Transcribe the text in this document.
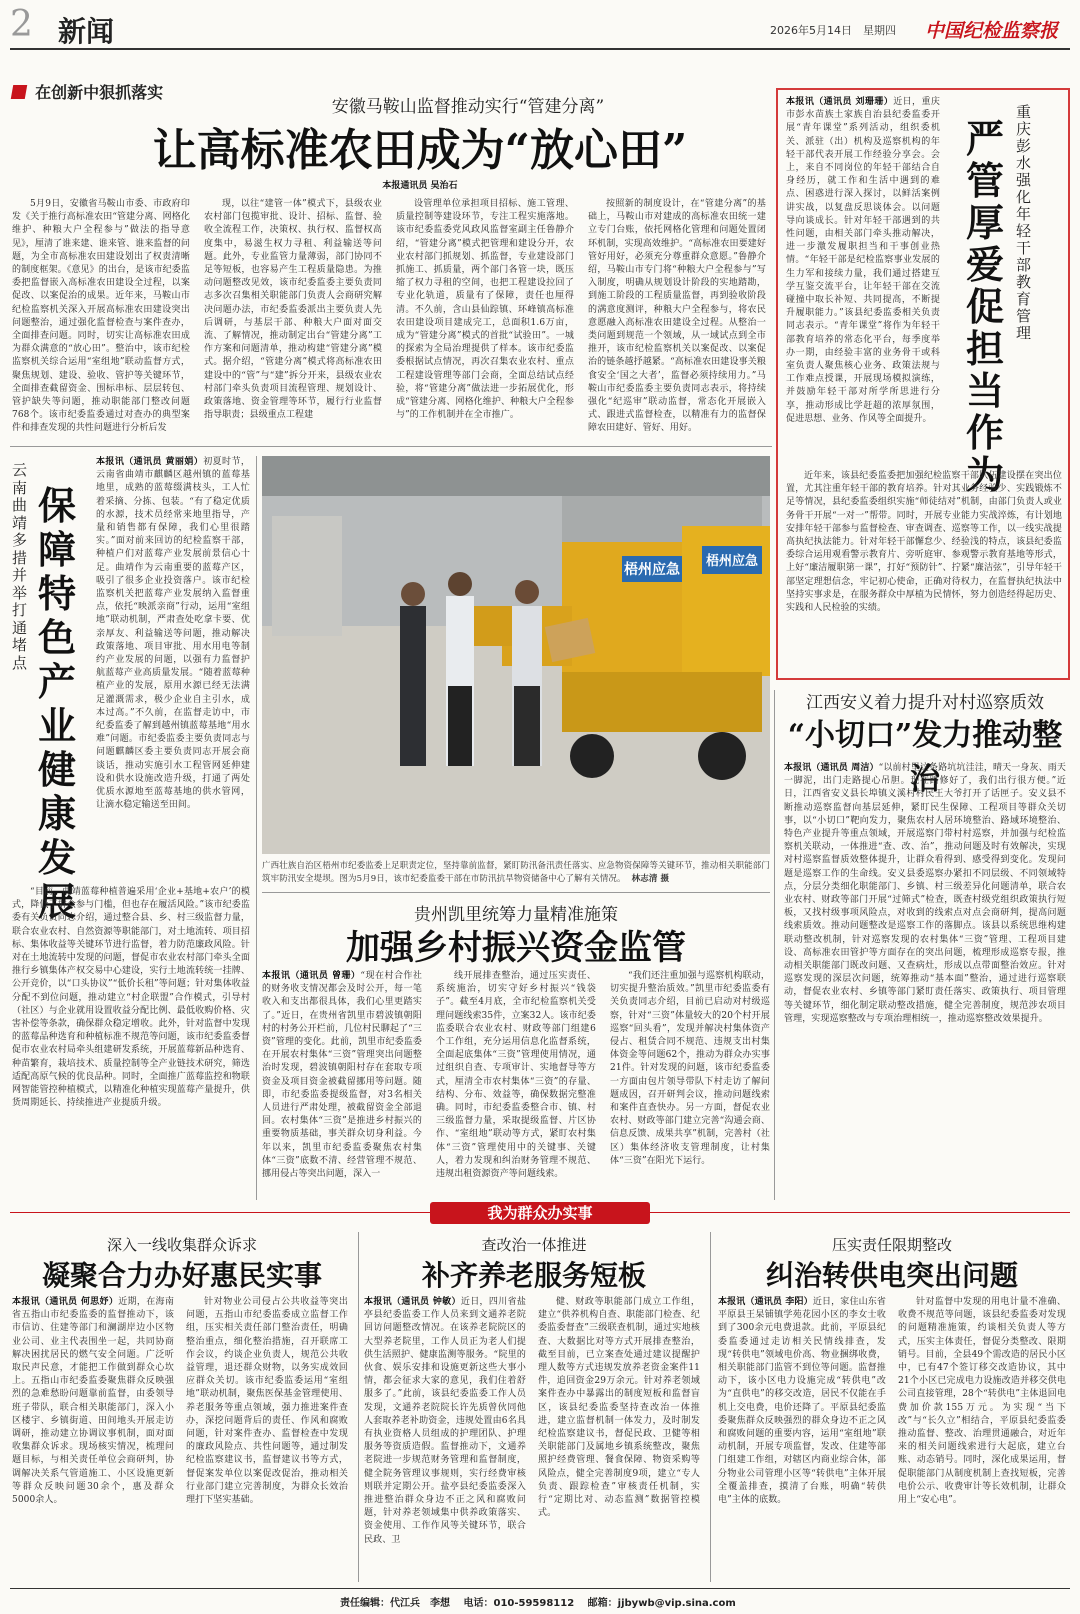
2 新闻	2026年5月14日　星期四 中国纪检监察报
在创新中狠抓落实
安徽马鞍山监督推动实行“管建分离”
让高标准农田成为“放心田”
本报通讯员 吴治石

5月9日，安徽省马鞍山市委、市政府印发《关于推行高标准农田“管建分离、网格化维护、种粮大户全程参与”做法的指导意见》，厘清了谁来建、谁来管、谁来监督的问题，为全市高标准农田建设划出了权责清晰的制度框架。《意见》的出台，是该市纪委监委把监督嵌入高标准农田建设全过程，以案促改、以案促治的成果。近年来，马鞍山市纪检监察机关深入开展高标准农田建设突出问题整治，通过强化监督检查与案件查办，全面排查问题。同时，切实让高标准农田成为群众满意的“放心田”。整治中，该市纪检监察机关综合运用“室组地”联动监督方式，聚焦规划、建设、验收、管护等关键环节，全面排查截留资金、围标串标、层层转包、管护缺失等问题，推动职能部门整改问题768个。该市纪委监委通过对查办的典型案件和排查发现的共性问题进行分析后发

现，以往“建管一体”模式下，县级农业农村部门包揽审批、设计、招标、监督、验收全流程工作，决策权、执行权、监督权高度集中，易滋生权力寻租、利益输送等问题。此外，专业监管力量薄弱，部门协同不足等短板，也容易产生工程质量隐患。为推动问题整改见效，该市纪委监委主要负责同志多次召集相关职能部门负责人会商研究解决问题办法，市纪委监委派出主要负责人先后调研，与基层干部、种粮大户面对面交流、了解情况，推动制定出台“管建分离”工作方案和问题清单，推动构建“管建分离”模式。据介绍，“管建分离”模式将高标准农田建设中的“管”与“建”拆分开来，县级农业农村部门牵头负责项目流程管理、规划设计、政策落地、资金管理等环节，履行行业监督指导职责；县级重点工程建

设管理单位承担项目招标、施工管理、质量控制等建设环节，专注工程实施落地。该市纪委监委党风政风监督室副主任鲁静介绍，“管建分离”模式把管理和建设分开，农业农村部门抓规划、抓监督，专业建设部门抓施工、抓质量，两个部门各管一块，既压缩了权力寻租的空间，也把工程建设拉回了专业化轨道，质量有了保障，责任也厘得清。不久前，含山县仙踪镇、环峰镇高标准农田建设项目建成完工，总面积1.6万亩，成为“管建分离”模式的首批“试验田”。一城的探索为全局治理提供了样本。该市纪委监委根据试点情况，再次召集农业农村、重点工程建设管理等部门会商，全面总结试点经验，将“管建分离”做法进一步拓展优化，形成“管建分离、网格化维护、种粮大户全程参与”的工作机制并在全市推广。

按照新的制度设计，在“管建分离”的基础上，马鞍山市对建成的高标准农田统一建立专门台账，依托网格化管理和问题处置闭环机制，实现高效维护。“高标准农田要建好管好用好，必须充分尊重群众意愿。”鲁静介绍，马鞍山市专门将“种粮大户全程参与”写入制度，明确从规划设计阶段的实地踏勘，到施工阶段的工程质量监督，再到验收阶段的满意度测评，种粮大户全程参与，将农民意愿融入高标准农田建设全过程。从整治一类问题到规范一个领域，从一域试点到全市推开，该市纪检监察机关以案促改、以案促治的链条越抒越紧。“高标准农田建设事关粮食安全‘国之大者’，监督必须持续用力。”马鞍山市纪委监委主要负责同志表示，将持续强化“纪巡审”联动监督，常态化开展嵌入式、跟进式监督检查，以精准有力的监督保障农田建好、管好、用好。

本报讯（通讯员 刘珊珊）近日，重庆市彭水苗族土家族自治县纪委监委开展“青年课堂”系列活动，组织委机关、派驻（出）机构及巡察机构的年轻干部代表开展工作经验分享会。会上，来自不同岗位的年轻干部结合自身经历，就工作和生活中遇到的难点、困惑进行深入探讨，以鲜活案例讲实战，以复盘反思谈体会。以问题导向谈成长。针对年轻干部遇到的共性问题，由相关部门牵头推动解决，进一步激发履职担当和干事创业热情。“年轻干部是纪检监察事业发展的生力军和接续力量，我们通过搭建互学互鉴交流平台，让年轻干部在交流碰撞中取长补短、共同提高，不断提升履职能力。”该县纪委监委相关负责同志表示。“青年课堂”将作为年轻干部教育培养的常态化平台，每季度举办一期，由经验丰富的业务骨干或科室负责人聚焦核心业务、政策法规与工作难点授课，开展现场模拟演练，并鼓励年轻干部对所学所思进行分享，推动形成比学赶超的浓厚氛围，促进思想、业务、作风等全面提升。
重庆彭水强化年轻干部教育管理
严管厚爱促担当作为

近年来，该县纪委监委把加强纪检监察干部队伍建设摆在突出位置，尤其注重年轻干部的教育培养。针对其业务经验少、实践锻炼不足等情况，县纪委监委组织实施“师徒结对”机制，由部门负责人或业务骨干开展“一对一”帮带。同时，开展专业能力实战淬炼，有计划地安排年轻干部参与监督检查、审查调查、巡察等工作，以一线实战提高执纪执法能力。针对年轻干部懈怠少、经验浅的特点，该县纪委监委综合运用观看警示教育片、旁听庭审、参观警示教育基地等形式，上好“廉洁履职第一课”，打好“预防针”、拧紧“廉洁弦”，引导年轻干部坚定理想信念，牢记初心使命，正确对待权力，在监督执纪执法中坚持实事求是，在服务群众中厚植为民情怀，努力创造经得起历史、实践和人民检验的实绩。

云南曲靖多措并举打通堵点
保障特色产业健康发展
本报讯（通讯员 黄丽娟）初夏时节，云南省曲靖市麒麟区越州镇的蓝莓基地里，成熟的蓝莓缀满枝头，工人忙着采摘、分拣、包装。“有了稳定优质的水源，技术员经常来地里指导，产量和销售都有保障，我们心里很踏实。”面对前来回访的纪检监察干部，种植户们对蓝莓产业发展前景信心十足。曲靖作为云南重要的蓝莓产区，吸引了很多企业投资落户。该市纪检监察机关把蓝莓产业发展纳入监督重点，依托“映派亲商”行动，运用“室组地”联动机制，严肃查处吃拿卡要、优亲厚友、利益输送等问题，推动解决政策落地、项目审批、用水用电等制约产业发展的问题，以强有力监督护航蓝莓产业高质量发展。“随着蓝莓种植产业的发展，原用水源已经无法满足灌溉需求，极少企业自主引水，成本过高。”不久前，在监督走访中，市纪委监委了解到越州镇蓝莓基地“用水难”问题。市纪委监委主要负责同志与问题麒麟区委主要负责同志开展会商谈话，推动实施引水工程管网延伸建设和供水设施改造升级，打通了两处优质水源地至蓝莓基地的供水管网，让滴水稳定输送至田间。

“目前，曲靖蓝莓种植普遍采用‘企业+基地+农户’的模式，降低了群众参与门槛，但也存在履活风险。”该市纪委监委有关负责同志介绍，通过整合县、乡、村三级监督力量，联合农业农村、自然资源等职能部门，对土地流转、项目招标、集体收益等关键环节进行监督，着力防范廉政风险。针对在土地流转中发现的问题，督促市农业农村部门牵头全面推行乡镇集体产权交易中心建设，实行土地流转统一挂牌、公开竞价，以“口头协议”“低价长租”等问题；针对集体收益分配不到位问题，推动建立“村企联盟”合作模式，引导村（社区）与企业就用设置收益分配比例、最低收购价格、灾害补偿等条款，确保群众稳定增收。此外，针对监督中发现的蓝莓品种选育和种植标准不规范等问题，该市纪委监委督促市农业农村局牵头组建研发系统，开展蓝莓新品种选育、种苗繁育，栽培技术、质量控制等全产业链技术研究，筛选适配高原气候的优良品种。同时，全面推广蓝莓监控和物联网智能管控种植模式，以精准化种植实现蓝莓产量提升，供货周期延长、持续推进产业提质升级。

梧州应急
梧州应急
广西壮族自治区梧州市纪委监委上足职责定位，坚持靠前监督，紧盯防汛备汛责任落实、应急物资保障等关键环节，推动相关职能部门筑牢防汛安全堤坝。图为5月9日，该市纪委监委干部在市防汛抗旱物资储备中心了解有关情况。 林志清 摄
贵州凯里统筹力量精准施策
加强乡村振兴资金监管
本报讯（通讯员 曾珊）“现在村合作社的财务收支情况都会及时公开，每一笔收入和支出都很具体，我们心里更踏实了。”近日，在贵州省凯里市碧波镇朝阳村的村务公开栏前，几位村民聊起了“三资”管理的变化。此前，凯里市纪委监委在开展农村集体“三资”管理突出问题整治时发现，碧波镇朝阳村存在套取专项资金及项目资金被截留挪用等问题。随即，市纪委监委提级监督，对3名相关人员进行严肃处理，被截留资金全部退回。农村集体“三资”是推进乡村振兴的重要物质基础，事关群众切身利益。今年以来，凯里市纪委监委聚焦农村集体“三资”底数不清、经营管理不规范、挪用侵占等突出问题，深入一

线开展排查整治，通过压实责任、系统施治，切实守好乡村振兴“钱袋子”。截至4月底，全市纪检监察机关受理问题线索35件，立案32人。该市纪委监委联合农业农村、财政等部门组建6个工作组，充分运用信息化监督系统，全面起底集体“三资”管理使用情况，通过组织自查、专项审计、实地督导等方式，厘清全市农村集体“三资”的存量、结构、分布、效益等，确保数据完整准确。同时，市纪委监委整合市、镇、村三级监督力量，采取提级监督、片区协作、“室组地”联动等方式，紧盯农村集体“三资”管理使用中的关键事、关键人，着力发现和纠治财务管理不规范、违规出租资源资产等问题线索。

“我们还注重加强与巡察机构联动，切实提升整治质效。”凯里市纪委监委有关负责同志介绍，目前已启动对村级巡察，针对“三资”体量较大的20个村开展巡察“回头看”，发现并解决村集体资产侵占、租赁合同不规范、违规支出村集体资金等问题62个，推动为群众办实事21件。针对发现的问题，该市纪委监委一方面由包片领导带队下村走访了解问题成因，召开研判会议，推动问题线索和案件直查快办。另一方面，督促农业农村、财政等部门建立完善“沟通会商、信息反馈、成果共享”机制，完善村（社区）集体经济收支管理制度，让村集体“三资”在阳光下运行。

江西安义着力提升对村巡察质效
“小切口”发力推动整治
本报讯（通讯员 周洁）“以前村里这条路坑坑洼洼，晴天一身灰、雨天一脚泥，出门走路提心吊胆。现在路修好了，我们出行很方便。”近日，江西省安义县长埠镇义溪村村民王大爷打开了话匣子。安义县不断推动巡察监督向基层延伸，紧盯民生保障、工程项目等群众关切事，以“小切口”靶向发力，聚焦农村人居环境整治、路域环境整治、特色产业提升等重点领域，开展巡察门带村村巡察，并加强与纪检监察机关联动，一体推进“查、改、治”，推动问题及时有效解决，实现对村巡察监督质效整体提升，让群众看得到、感受得到变化。发现问题是巡察工作的生命线。安义县委巡察办紧扣不同层级、不同领域特点，分层分类细化职能部门、乡镇、村三级差异化问题清单，联合农业农村、财政等部门开展“过筛式”检查，既查村级党组织政策执行短板，又找村级事项风险点，对收到的线索点对点会商研判，提高问题线索质效。推动问题整改是巡察工作的落脚点。该县以系统思维构建联动整改机制，针对巡察发现的农村集体“三资”管理、工程项目建设、高标准农田管护等方面存在的突出问题，梳理形成巡察专报，推动相关职能部门既改问题、又查病灶，形成以点带面整治效应。针对巡察发现的深层次问题，统筹推动“基本面”整治，通过进行巡察联动，督促农业农村、乡镇等部门紧盯责任落实、政策执行、项目管理等关键环节，细化制定联动整改措施，健全完善制度，规范涉农项目管理，实现巡察整改与专项治理相统一，推动巡察整改效果提升。
我为群众办实事
深入一线收集群众诉求
凝聚合力办好惠民实事
本报讯（通讯员 何思妤）近期，在海南省五指山市纪委监委的监督推动下，该市信访、住建等部门和澜湖岸边小区物业公司、业主代表围坐一起，共同协商解决困扰居民的燃气安全问题。广泛听取民声民意，才能把工作做到群众心坎上。五指山市纪委监委聚焦群众反映强烈的急难愁盼问题靠前监督，由委领导班子带队，联合相关职能部门，深入小区楼宇、乡镇街道、田间地头开展走访调研，推动建立协调议事机制，面对面收集群众诉求。现场核实情况，梳理问题目标，与相关责任单位会商研判，协调解决关系气管道施工、小区设施更新等群众反映问题30余个，惠及群众5000余人。

针对物业公司侵占公共收益等突出问题，五指山市纪委监委成立监督工作组，压实相关责任部门整治责任，明确整治重点，细化整治措施，召开联席工作会议，约谈企业负责人，规范公共收益管理，退还群众财物，以务实成效回应群众关切。该市纪委监委运用“室组地”联动机制，聚焦医保基金管理使用、养老服务等重点领域，强力推进案件查办，深挖问题背后的责任、作风和腐败问题，针对案件查办、监督检查中发现的廉政风险点、共性问题等，通过制发纪检监察建议书，监督建议书等方式，督促案发单位以案促改促治，推动相关行业部门建立完善制度，为群众长效治理打下坚实基础。

查改治一体推进
补齐养老服务短板
本报讯（通讯员 钟敏）近日，四川省盐亭县纪委监委工作人员来到文通养老院回访问题整改情况。在该养老院院区的大型养老院里，工作人员正为老人们提供生活照护、健康监测等服务。“院里的伙食、娱乐安排和设施更新这些大事小情，都会征求大家的意见，我们住着舒服多了。”此前，该县纪委监委工作人员发现，文通养老院院长许先质曾伙同他人套取养老补助资金，违规处置由6名具有执业资格人员组成的护理团队、护理服务等资质造假。监督推动下，文通养老院进一步规范财务管理和监督制度，健全院务管理议事规则，实行经费审核则联并定期公开。盐亭县纪委监委深入推进整治群众身边不正之风和腐败问题，针对养老领域集中供养政策落实、资金使用、工作作风等关键环节，联合民政、卫

健、财政等职能部门成立工作组，建立“供养机构自查、职能部门检查、纪委监委督查”三级联查机制，通过实地核查、大数据比对等方式开展排查整治，截至目前，已立案查处通过建议提醒护理人数等方式违规发放养老资金案件11件，追回资金29万余元。针对养老领域案件查办中暴露出的制度短板和监督盲区，该县纪委监委坚持查改治一体推进，建立监督机制一体发力，及时制发纪检监察建议书，督促民政、卫健等相关职能部门及属地乡镇系统整改，聚焦照护经费管理、餐食保障、物资采购等风险点，健全完善制度9项，建立“专人负责、跟踪检查”审核责任机制，实行“定期比对、动态监测”数据管控模式。

压实责任限期整改
纠治转供电突出问题
本报讯（通讯员 李阳）近日，家住山东省平原县王杲铺镇学苑花园小区的李女士收到了300余元电费退款。此前，平原县纪委监委通过走访相关民情线排查，发现“转供电”领域电价高、物业捆绑收费，相关职能部门监管不到位等问题。监督推动下，该小区电力设施完成“转供电”改为“直供电”的移交改造，居民不仅能在手机上交电费，电价还降了。平原县纪委监委聚焦群众反映强烈的群众身边不正之风和腐败问题的重要内容，运用“室组地”联动机制，开展专项监督，发改、住建等部门组建工作组，对辖区内商业综合体，部分物业公司管理小区等“转供电”主体开展全覆盖排查，摸清了台账，明确“转供电”主体的底数。

针对监督中发现的用电计量不准确、收费不规范等问题，该县纪委监委对发现的问题精准施策，约谈相关负责人等方式，压实主体责任，督促分类整改、限期销号。目前，全县49个需改造的居民小区中，已有47个签订移交改造协议，其中21个小区已完成电力设施改造并移交供电公司直接管理，28个“转供电”主体退回电费加价款155万元。为实现“当下改”与“长久立”相结合，平原县纪委监委推动监督、整改、治理贯通融合，对近年来的相关问题线索进行大起底，建立台账、动态销号。同时，深化成果运用，督促职能部门从制度机制上查找短板，完善电价公示、收费审计等长效机制，让群众用上“安心电”。

责任编辑：代江兵　李想 电话：010-59598112 邮箱：jjbywb@vip.sina.com
